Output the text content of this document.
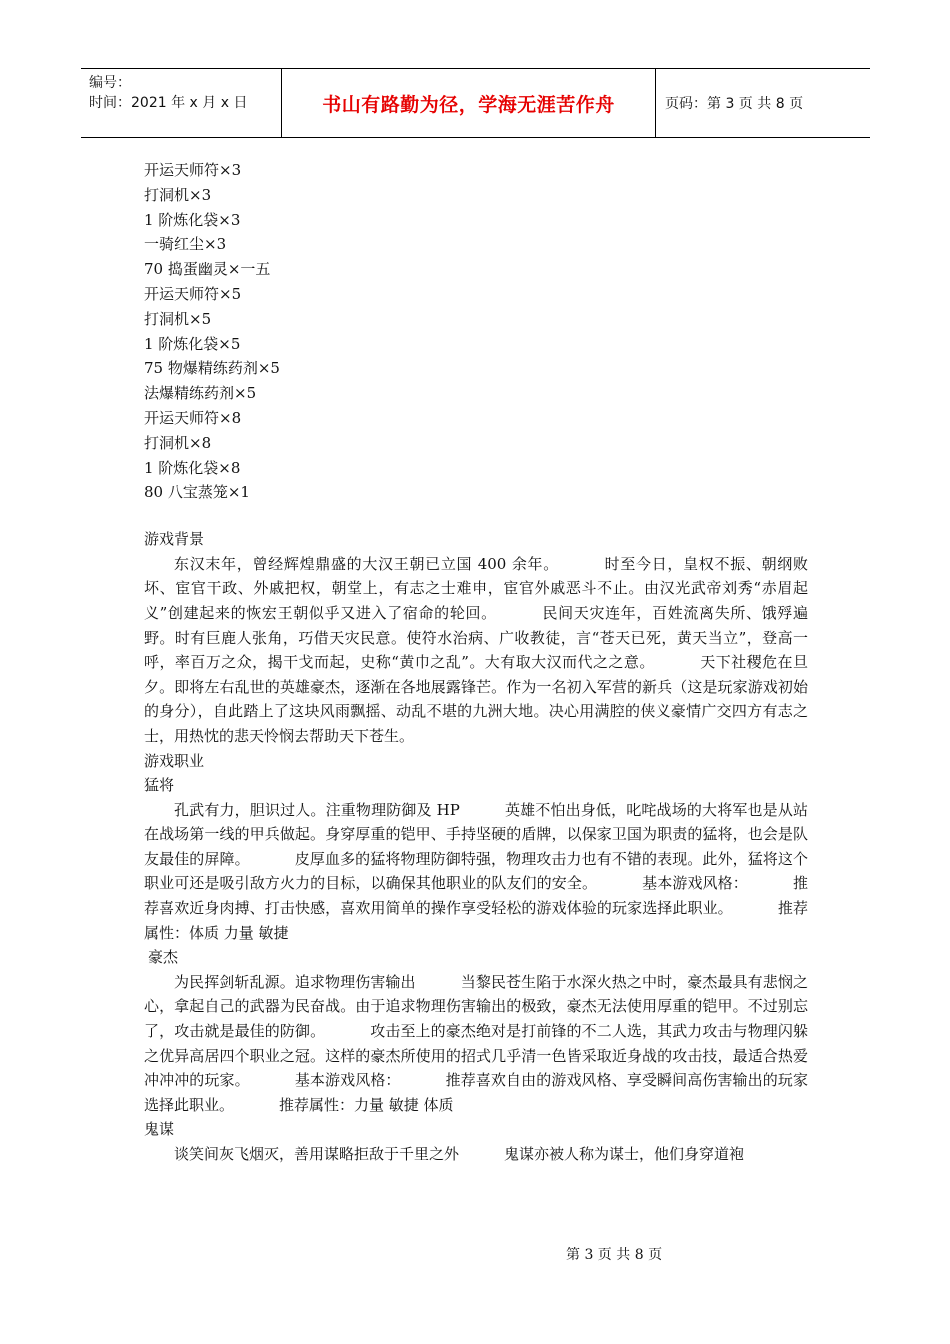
编号：
时间：2021 年 x 月 x 日	书山有路勤为径，学海无涯苦作舟	页码：第 3 页 共 8 页
开运天师符×3
打洞机×3
1 阶炼化袋×3
一骑红尘×3
70 捣蛋幽灵×一五
开运天师符×5
打洞机×5
1 阶炼化袋×5
75 物爆精练药剂×5
法爆精练药剂×5
开运天师符×8
打洞机×8
1 阶炼化袋×8
80 八宝蒸笼×1
游戏背景
东汉末年，曾经辉煌鼎盛的大汉王朝已立国 400 余年。	时至今日，皇权不振、朝纲败坏、宦官干政、外戚把权，朝堂上，有志之士难申，宦官外戚恶斗不止。由汉光武帝刘秀“赤眉起义”创建起来的恢宏王朝似乎又进入了宿命的轮回。	民间天灾连年，百姓流离失所、饿殍遍野。时有巨鹿人张角，巧借天灾民意。使符水治病、广收教徒，言“苍天已死，黄天当立”，登高一呼，率百万之众，揭干戈而起，史称“黄巾之乱”。大有取大汉而代之之意。	天下社稷危在旦夕。即将左右乱世的英雄豪杰，逐渐在各地展露锋芒。作为一名初入军营的新兵（这是玩家游戏初始的身分），自此踏上了这块风雨飘摇、动乱不堪的九洲大地。决心用满腔的侠义豪情广交四方有志之士，用热忱的悲天怜悯去帮助天下苍生。
游戏职业
猛将
孔武有力，胆识过人。注重物理防御及 HP	英雄不怕出身低，叱咤战场的大将军也是从站在战场第一线的甲兵做起。身穿厚重的铠甲、手持坚硬的盾牌，以保家卫国为职责的猛将，也会是队友最佳的屏障。	皮厚血多的猛将物理防御特强，物理攻击力也有不错的表现。此外，猛将这个职业可还是吸引敌方火力的目标，以确保其他职业的队友们的安全。	基本游戏风格：	推荐喜欢近身肉搏、打击快感，喜欢用简单的操作享受轻松的游戏体验的玩家选择此职业。	推荐属性：体质 力量 敏捷
豪杰
为民挥剑斩乱源。追求物理伤害输出	当黎民苍生陷于水深火热之中时，豪杰最具有悲悯之心，拿起自己的武器为民奋战。由于追求物理伤害输出的极致，豪杰无法使用厚重的铠甲。不过别忘了，攻击就是最佳的防御。	攻击至上的豪杰绝对是打前锋的不二人选，其武力攻击与物理闪躲之优异高居四个职业之冠。这样的豪杰所使用的招式几乎清一色皆采取近身战的攻击技，最适合热爱冲冲冲的玩家。	基本游戏风格：	推荐喜欢自由的游戏风格、享受瞬间高伤害输出的玩家选择此职业。	推荐属性：力量 敏捷 体质
鬼谋
谈笑间灰飞烟灭，善用谋略拒敌于千里之外	鬼谋亦被人称为谋士，他们身穿道袍
第 3 页 共 8 页
